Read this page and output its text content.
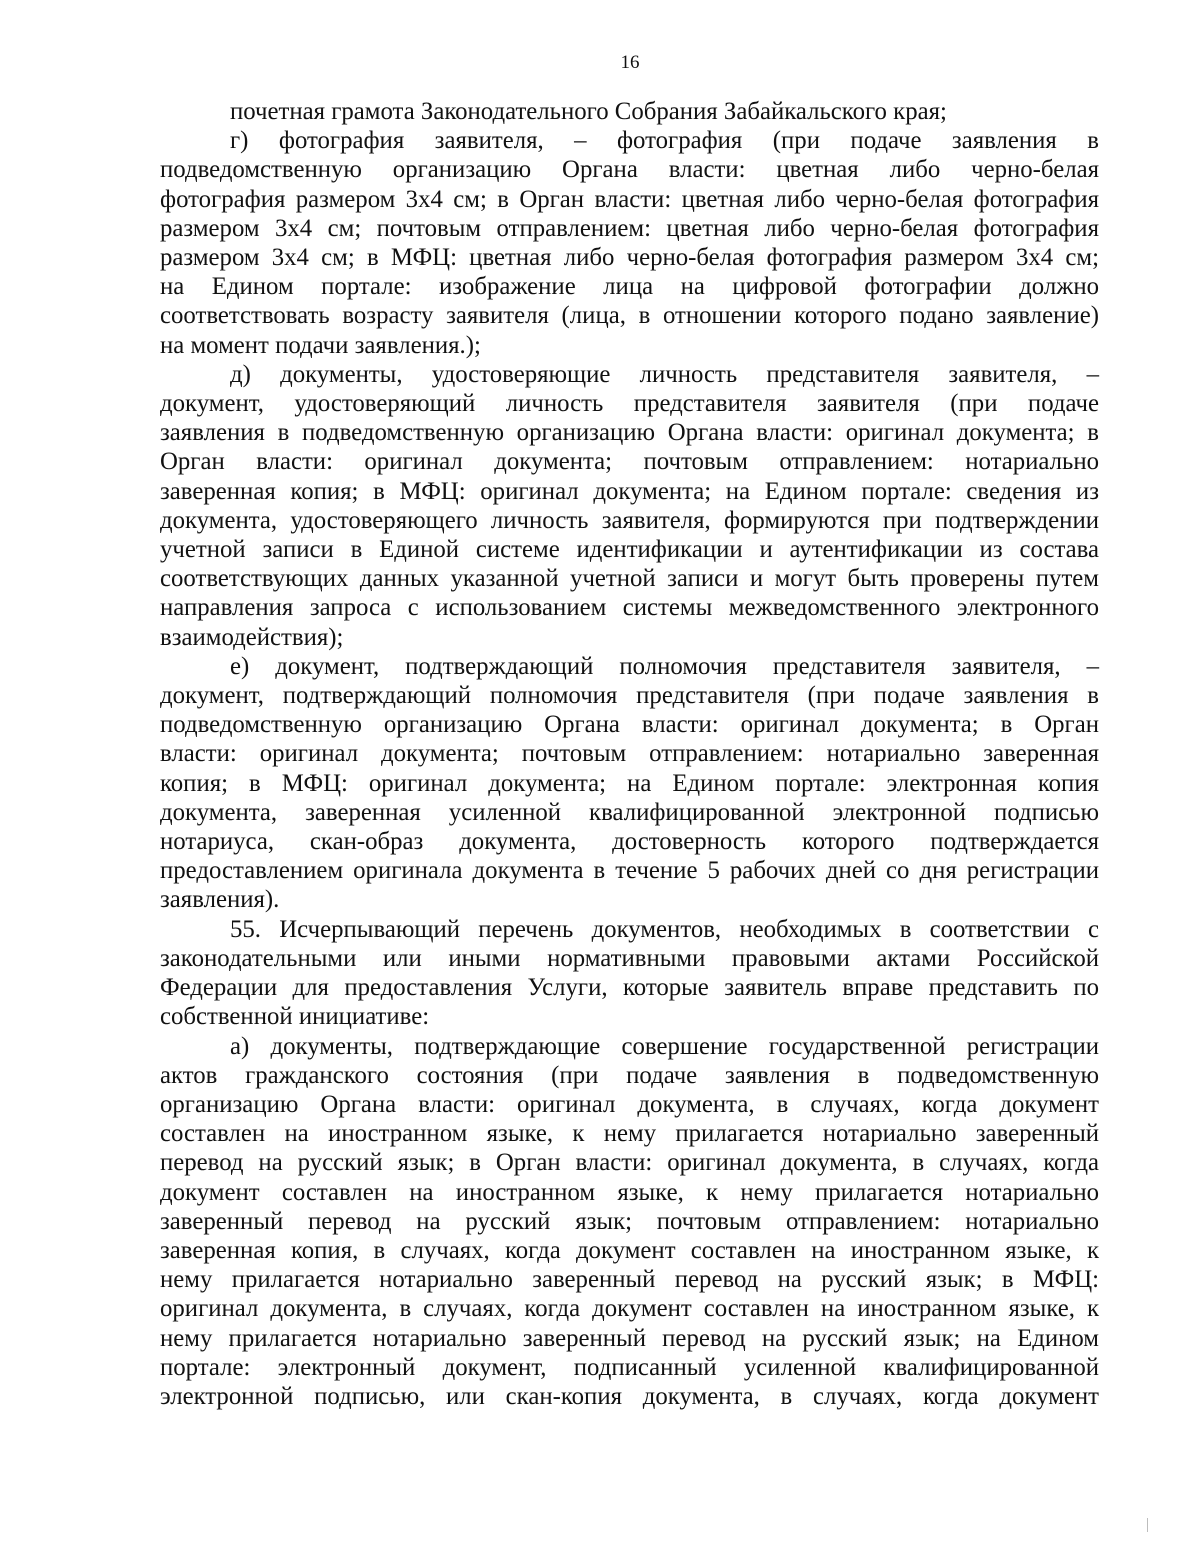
16
почетная грамота Законодательного Собрания Забайкальского края;
г) фотография заявителя, – фотография (при подаче заявления в
подведомственную организацию Органа власти: цветная либо черно-белая
фотография размером 3х4 см; в Орган власти: цветная либо черно-белая фотография
размером 3х4 см; почтовым отправлением: цветная либо черно-белая фотография
размером 3х4 см; в МФЦ: цветная либо черно-белая фотография размером 3х4 см;
на Едином портале: изображение лица на цифровой фотографии должно
соответствовать возрасту заявителя (лица, в отношении которого подано заявление)
на момент подачи заявления.);
д) документы, удостоверяющие личность представителя заявителя, –
документ, удостоверяющий личность представителя заявителя (при подаче
заявления в подведомственную организацию Органа власти: оригинал документа; в
Орган власти: оригинал документа; почтовым отправлением: нотариально
заверенная копия; в МФЦ: оригинал документа; на Едином портале: сведения из
документа, удостоверяющего личность заявителя, формируются при подтверждении
учетной записи в Единой системе идентификации и аутентификации из состава
соответствующих данных указанной учетной записи и могут быть проверены путем
направления запроса с использованием системы межведомственного электронного
взаимодействия);
е) документ, подтверждающий полномочия представителя заявителя, –
документ, подтверждающий полномочия представителя (при подаче заявления в
подведомственную организацию Органа власти: оригинал документа; в Орган
власти: оригинал документа; почтовым отправлением: нотариально заверенная
копия; в МФЦ: оригинал документа; на Едином портале: электронная копия
документа, заверенная усиленной квалифицированной электронной подписью
нотариуса, скан-образ документа, достоверность которого подтверждается
предоставлением оригинала документа в течение 5 рабочих дней со дня регистрации
заявления).
55. Исчерпывающий перечень документов, необходимых в соответствии с
законодательными или иными нормативными правовыми актами Российской
Федерации для предоставления Услуги, которые заявитель вправе представить по
собственной инициативе:
а) документы, подтверждающие совершение государственной регистрации
актов гражданского состояния (при подаче заявления в подведомственную
организацию Органа власти: оригинал документа, в случаях, когда документ
составлен на иностранном языке, к нему прилагается нотариально заверенный
перевод на русский язык; в Орган власти: оригинал документа, в случаях, когда
документ составлен на иностранном языке, к нему прилагается нотариально
заверенный перевод на русский язык; почтовым отправлением: нотариально
заверенная копия, в случаях, когда документ составлен на иностранном языке, к
нему прилагается нотариально заверенный перевод на русский язык; в МФЦ:
оригинал документа, в случаях, когда документ составлен на иностранном языке, к
нему прилагается нотариально заверенный перевод на русский язык; на Едином
портале: электронный документ, подписанный усиленной квалифицированной
электронной подписью, или скан-копия документа, в случаях, когда документ
